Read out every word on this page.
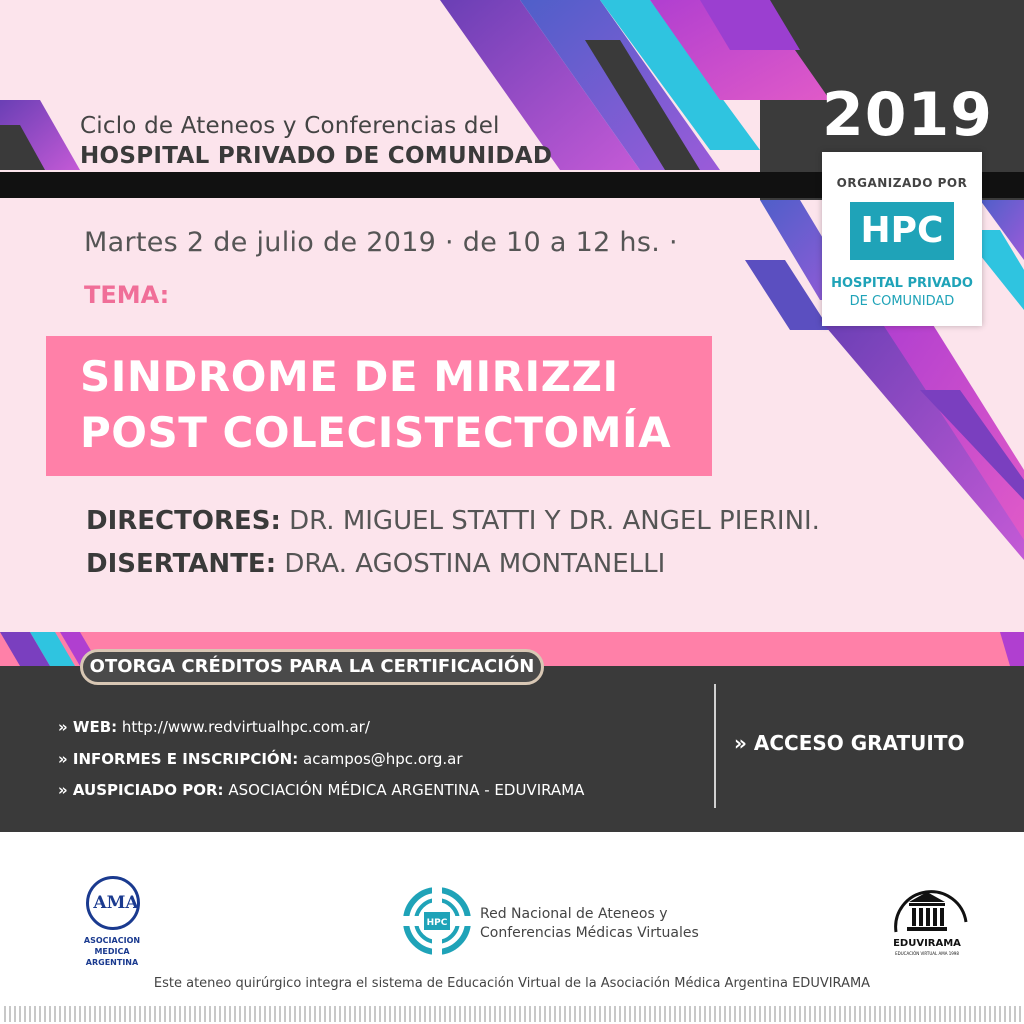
Ciclo de Ateneos y Conferencias del
HOSPITAL PRIVADO DE COMUNIDAD
2019
ORGANIZADO POR
HPC
HOSPITAL PRIVADO
DE COMUNIDAD
Martes 2 de julio de 2019 · de 10 a 12 hs. ·
TEMA:
SINDROME DE MIRIZZI
POST COLECISTECTOMÍA
DIRECTORES: DR. MIGUEL STATTI Y DR. ANGEL PIERINI.
DISERTANTE: DRA. AGOSTINA MONTANELLI
OTORGA CRÉDITOS PARA LA CERTIFICACIÓN
» WEB: http://www.redvirtualhpc.com.ar/
» INFORMES E INSCRIPCIÓN: acampos@hpc.org.ar
» AUSPICIADO POR: ASOCIACIÓN MÉDICA ARGENTINA - EDUVIRAMA
» ACCESO GRATUITO
AMA
ASOCIACION
MEDICA
ARGENTINA
HPC
Red Nacional de Ateneos y
Conferencias Médicas Virtuales
EDUVIRAMA
EDUCACIÓN VIRTUAL AMA 1998
Este ateneo quirúrgico integra el sistema de Educación Virtual de la Asociación Médica Argentina EDUVIRAMA
